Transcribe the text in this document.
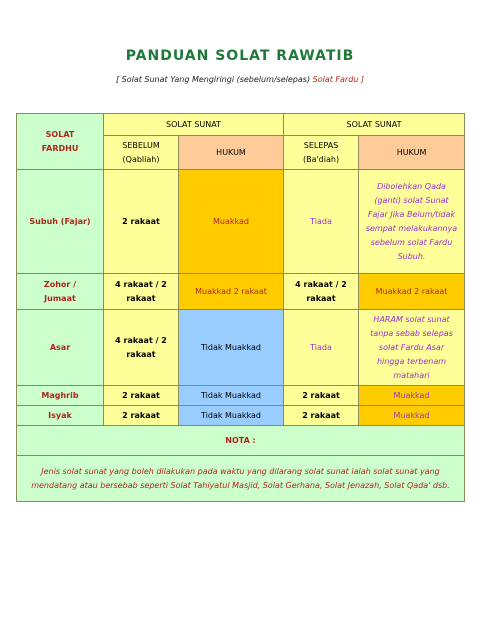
PANDUAN SOLAT RAWATIB
[ Solat Sunat Yang Mengiringi (sebelum/selepas) Solat Fardu ]
SOLAT FARDHU	SOLAT SUNAT		SOLAT SUNAT	
	SEBELUM (Qabliah)	HUKUM	SELEPAS (Ba'diah)	HUKUM
Subuh (Fajar)	2 rakaat	Muakkad	Tiada	Dibolehkan Qada (ganti) solat Sunat Fajar Jika Belum/tidak sempat melakukannya sebelum solat Fardu Subuh.
Zohor / Jumaat	4 rakaat / 2 rakaat	Muakkad 2 rakaat	4 rakaat / 2 rakaat	Muakkad 2 rakaat
Asar	4 rakaat / 2 rakaat	Tidak Muakkad	Tiada	HARAM solat sunat tanpa sebab selepas solat Fardu Asar hingga terbenam matahari
Maghrib	2 rakaat	Tidak Muakkad	2 rakaat	Muakkad
Isyak	2 rakaat	Tidak Muakkad	2 rakaat	Muakkad
NOTA :				
Jenis solat sunat yang boleh dilakukan pada waktu yang dilarang solat sunat ialah solat sunat yang mendatang atau bersebab seperti Solat Tahiyatul Masjid, Solat Gerhana, Solat Jenazah, Solat Qada' dsb.				
